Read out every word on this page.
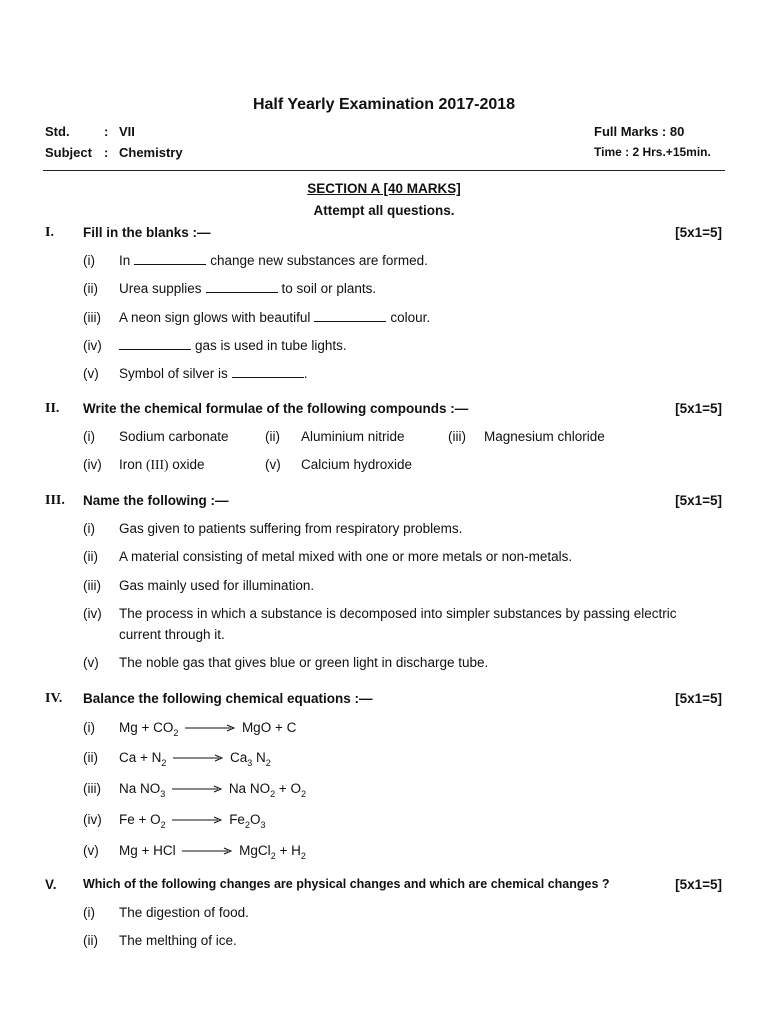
Half Yearly Examination 2017-2018
Std.	: VII
Subject : Chemistry
Full Marks : 80
Time : 2 Hrs.+15min.
SECTION A [40 MARKS]
Attempt all questions.
I. Fill in the blanks :—	[5x1=5]
(i) In	change new substances are formed.
(ii) Urea supplies	to soil or plants.
(iii) A neon sign glows with beautiful	colour.
(iv)	gas is used in tube lights.
(v) Symbol of silver is	.
II. Write the chemical formulae of the following compounds :—	[5x1=5]
(i) Sodium carbonate	(ii) Aluminium nitride	(iii) Magnesium chloride
(iv) Iron (III) oxide	(v) Calcium hydroxide
III. Name the following :—	[5x1=5]
(i) Gas given to patients suffering from respiratory problems.
(ii) A material consisting of metal mixed with one or more metals or non-metals.
(iii) Gas mainly used for illumination.
(iv) The process in which a substance is decomposed into simpler substances by passing electric
current through it.
(v) The noble gas that gives blue or green light in discharge tube.
IV. Balance the following chemical equations :—	[5x1=5]
(i) $Mg + CO_2$	MgO + C
(ii) $Ca + N_2$	$Ca_3$ $N_2$
(iii) Na $NO_3$	Na $NO_2 + O_2$
(iv) $Fe + O_2$	$Fe_2O_3$
(v) Mg + HCl	MgCl$_2$ + $H_2$
V. Which of the following changes are physical changes and which are chemical changes ?	[5x1=5]
(i) The digestion of food.
(ii) The melthing of ice.
